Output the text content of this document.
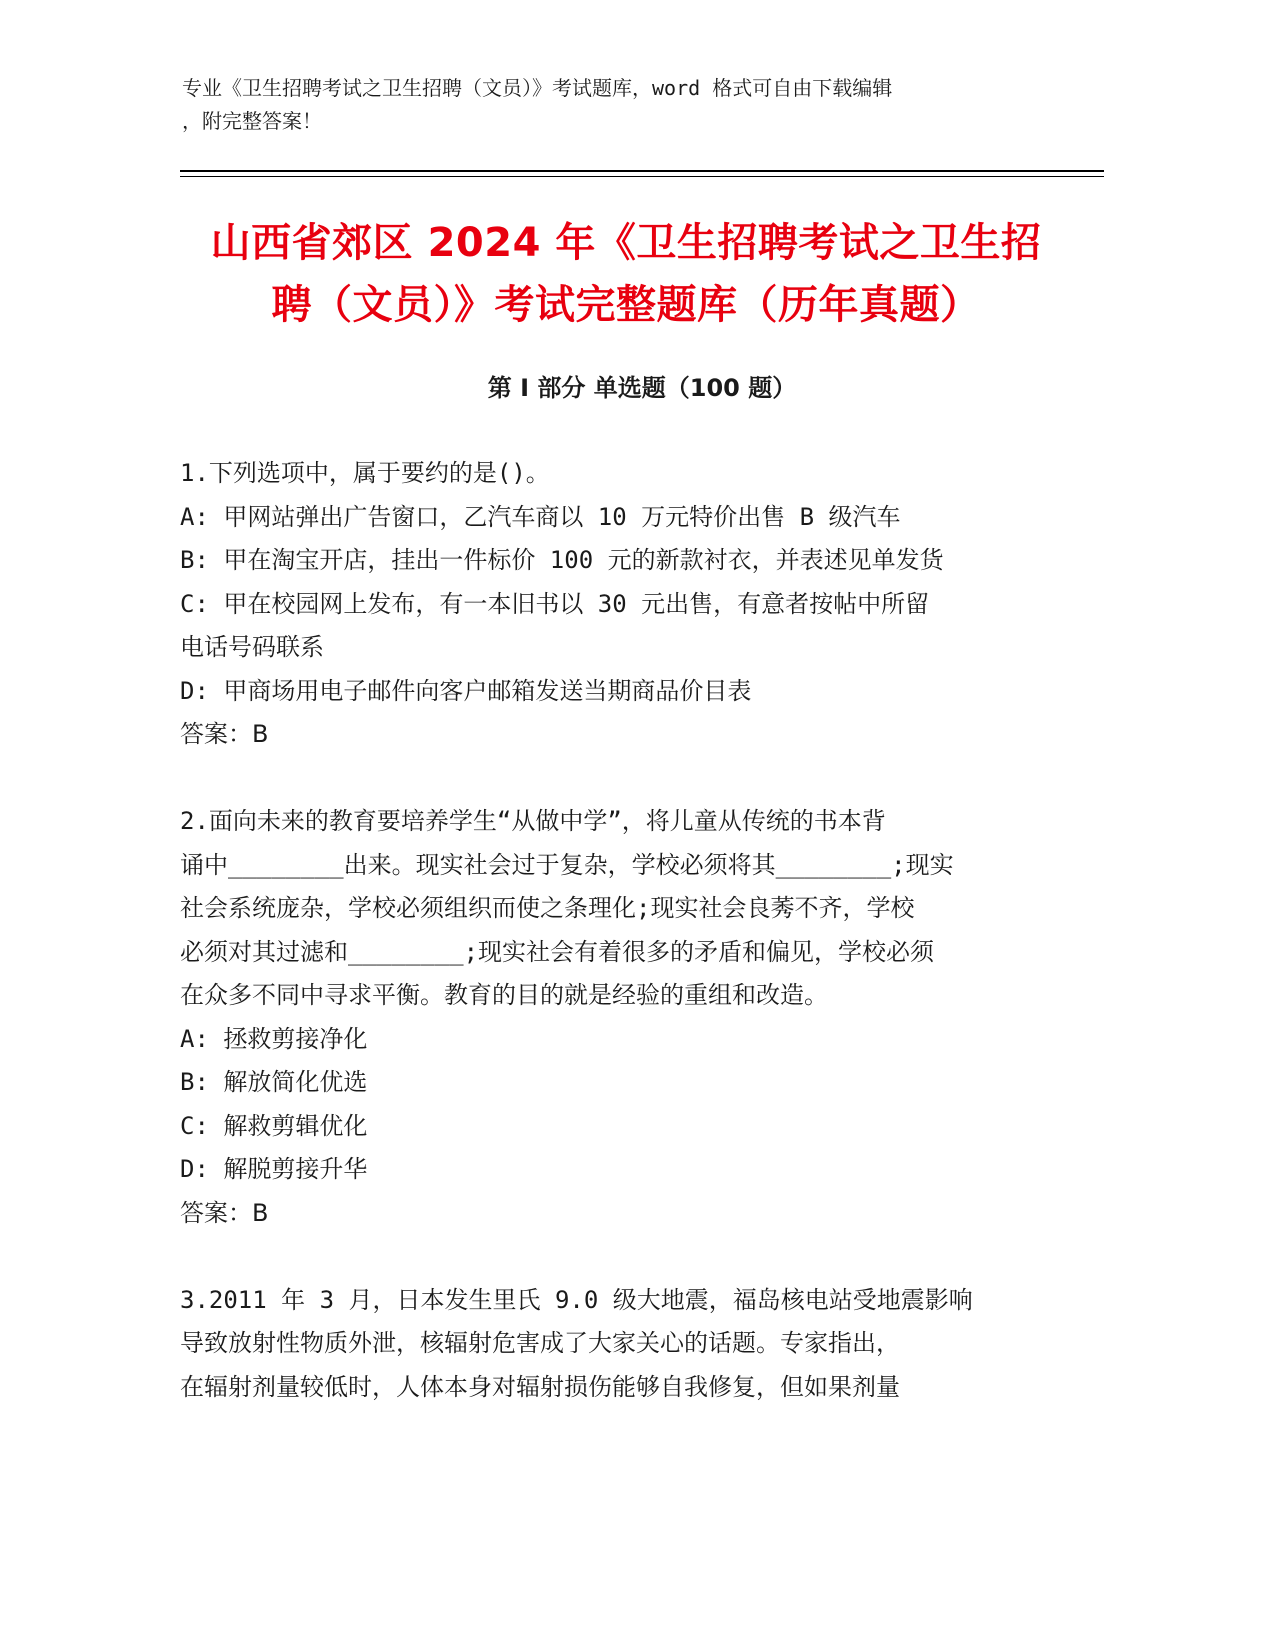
专业《卫生招聘考试之卫生招聘（文员）》考试题库，word 格式可自由下载编辑
，附完整答案！
山西省郊区 2024 年《卫生招聘考试之卫生招
聘（文员）》考试完整题库（历年真题）
第 I 部分 单选题（100 题）

1.下列选项中，属于要约的是()。

A: 甲网站弹出广告窗口，乙汽车商以 10 万元特价出售 B 级汽车

B: 甲在淘宝开店，挂出一件标价 100 元的新款衬衣，并表述见单发货

C: 甲在校园网上发布，有一本旧书以 30 元出售，有意者按帖中所留

电话号码联系

D: 甲商场用电子邮件向客户邮箱发送当期商品价目表

答案：B

2.面向未来的教育要培养学生“从做中学”，将儿童从传统的书本背

诵中________出来。现实社会过于复杂，学校必须将其________;现实

社会系统庞杂，学校必须组织而使之条理化;现实社会良莠不齐，学校

必须对其过滤和________;现实社会有着很多的矛盾和偏见，学校必须

在众多不同中寻求平衡。教育的目的就是经验的重组和改造。

A: 拯救剪接净化

B: 解放简化优选

C: 解救剪辑优化

D: 解脱剪接升华

答案：B

3.2011 年 3 月，日本发生里氏 9.0 级大地震，福岛核电站受地震影响

导致放射性物质外泄，核辐射危害成了大家关心的话题。专家指出，

在辐射剂量较低时，人体本身对辐射损伤能够自我修复，但如果剂量
